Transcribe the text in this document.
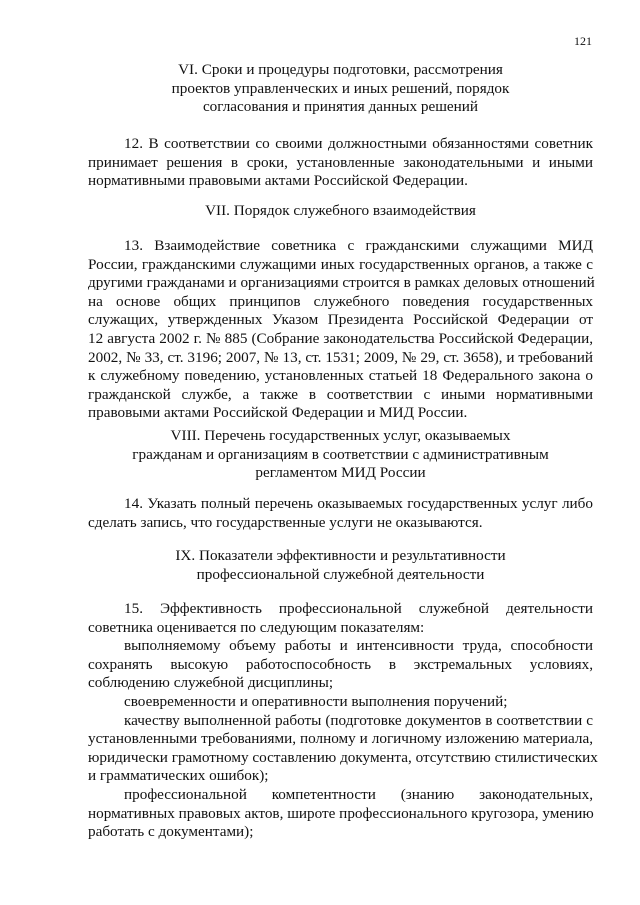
121
VI. Сроки и процедуры подготовки, рассмотрения
проектов управленческих и иных решений, порядок
согласования и принятия данных решений
12. В соответствии со своими должностными обязанностями советник
принимает решения в сроки, установленные законодательными и иными
нормативными правовыми актами Российской Федерации.
VII. Порядок служебного взаимодействия
13. Взаимодействие советника с гражданскими служащими МИД
России, гражданскими служащими иных государственных органов, а также с
другими гражданами и организациями строится в рамках деловых отношений
на основе общих принципов служебного поведения государственных
служащих, утвержденных Указом Президента Российской Федерации от
12 августа 2002 г. № 885 (Собрание законодательства Российской Федерации,
2002, № 33, ст. 3196; 2007, № 13, ст. 1531; 2009, № 29, ст. 3658), и требований
к служебному поведению, установленных статьей 18 Федерального закона о
гражданской службе, а также в соответствии с иными нормативными
правовыми актами Российской Федерации и МИД России.
VIII. Перечень государственных услуг, оказываемых
гражданам и организациям в соответствии с административным
регламентом МИД России
14. Указать полный перечень оказываемых государственных услуг либо
сделать запись, что государственные услуги не оказываются.
IX. Показатели эффективности и результативности
профессиональной служебной деятельности
15. Эффективность профессиональной служебной деятельности
советника оценивается по следующим показателям:
выполняемому объему работы и интенсивности труда, способности
сохранять высокую работоспособность в экстремальных условиях,
соблюдению служебной дисциплины;
своевременности и оперативности выполнения поручений;
качеству выполненной работы (подготовке документов в соответствии с
установленными требованиями, полному и логичному изложению материала,
юридически грамотному составлению документа, отсутствию стилистических
и грамматических ошибок);
профессиональной компетентности (знанию законодательных,
нормативных правовых актов, широте профессионального кругозора, умению
работать с документами);
